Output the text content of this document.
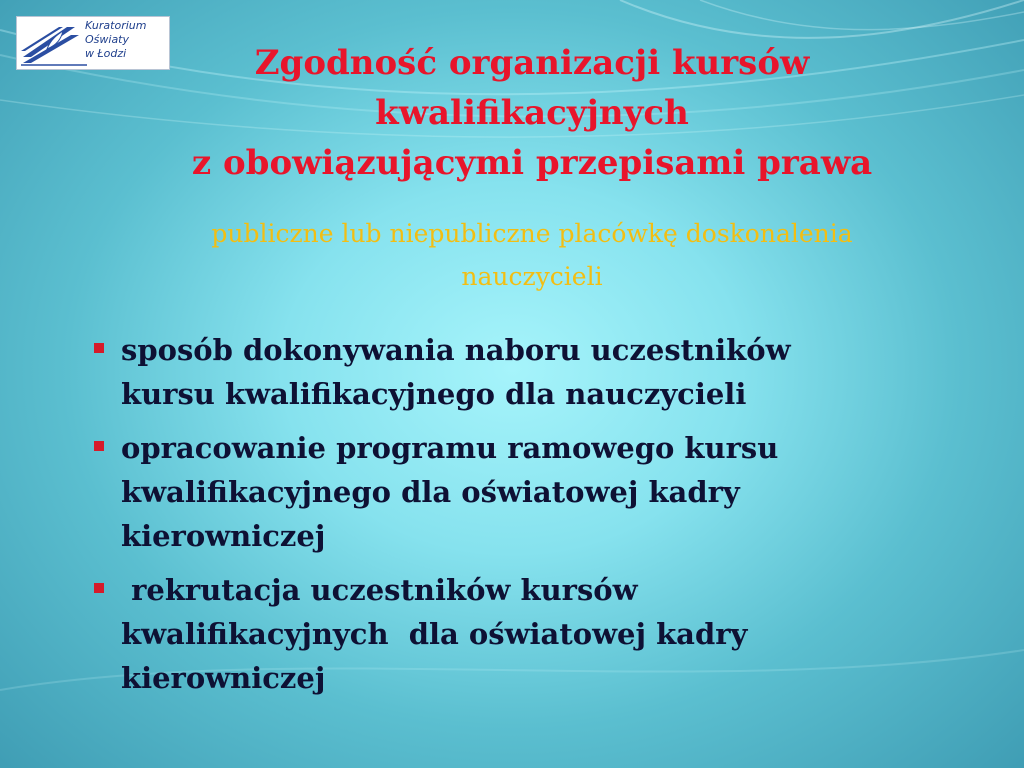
Kuratorium
Oświaty
w Łodzi	Zgodność organizacji kursów
kwalifikacyjnych
z obowiązującymi przepisami prawa

publiczne lub niepubliczne placówkę doskonalenia
nauczycieli

sposób dokonywania naboru uczestników
kursu kwalifikacyjnego dla nauczycieli
opracowanie programu ramowego kursu
kwalifikacyjnego dla oświatowej kadry
kierowniczej
rekrutacja uczestników kursów
kwalifikacyjnych  dla oświatowej kadry
kierowniczej
